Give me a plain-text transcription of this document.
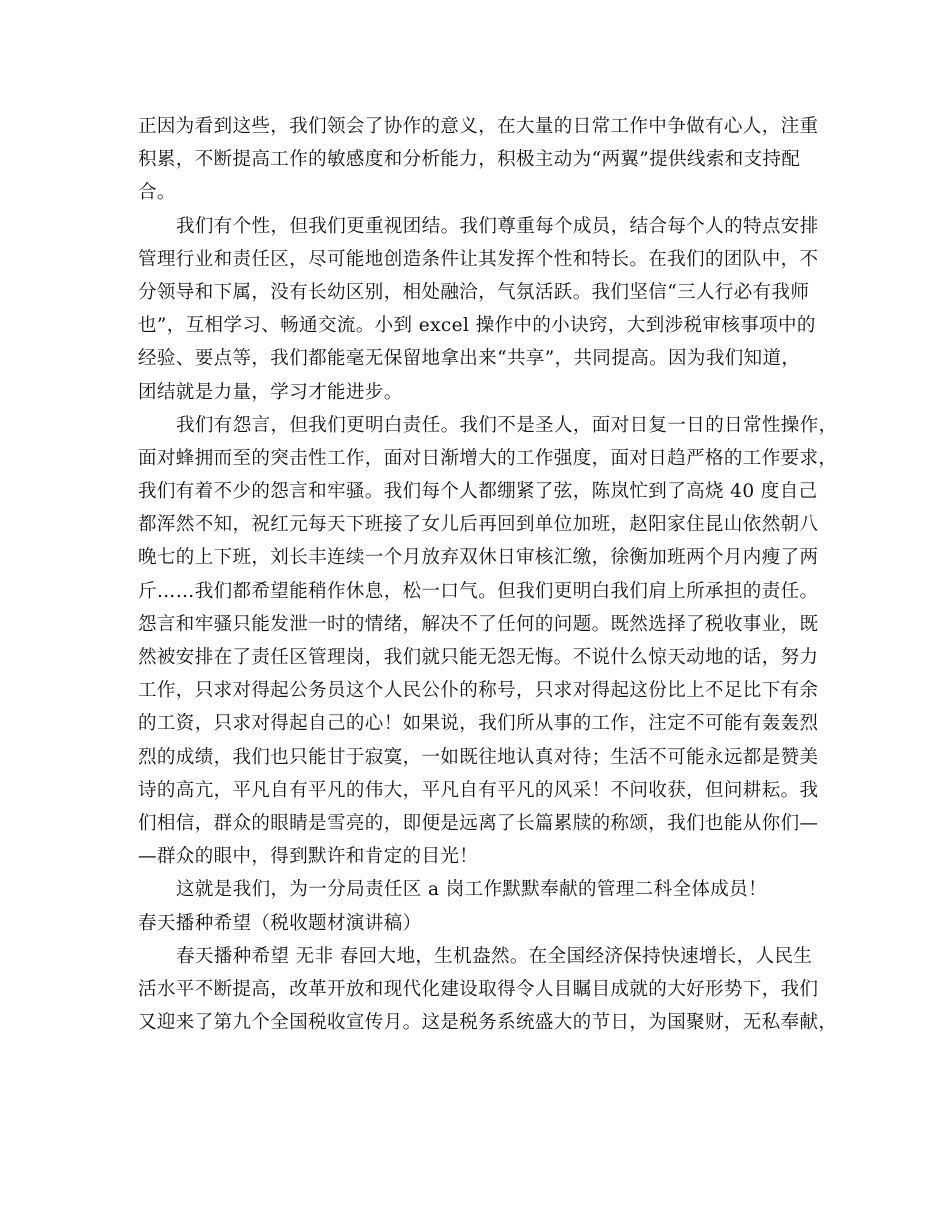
正因为看到这些，我们领会了协作的意义，在大量的日常工作中争做有心人，注重
积累，不断提高工作的敏感度和分析能力，积极主动为“两翼”提供线索和支持配
合。
我们有个性，但我们更重视团结。我们尊重每个成员，结合每个人的特点安排
管理行业和责任区，尽可能地创造条件让其发挥个性和特长。在我们的团队中，不
分领导和下属，没有长幼区别，相处融洽，气氛活跃。我们坚信“三人行必有我师
也”，互相学习、畅通交流。小到 excel 操作中的小诀窍，大到涉税审核事项中的
经验、要点等，我们都能毫无保留地拿出来“共享”，共同提高。因为我们知道，
团结就是力量，学习才能进步。
我们有怨言，但我们更明白责任。我们不是圣人，面对日复一日的日常性操作，
面对蜂拥而至的突击性工作，面对日渐增大的工作强度，面对日趋严格的工作要求，
我们有着不少的怨言和牢骚。我们每个人都绷紧了弦，陈岚忙到了高烧 40 度自己
都浑然不知，祝红元每天下班接了女儿后再回到单位加班，赵阳家住昆山依然朝八
晚七的上下班，刘长丰连续一个月放弃双休日审核汇缴，徐衡加班两个月内瘦了两
斤……我们都希望能稍作休息，松一口气。但我们更明白我们肩上所承担的责任。
怨言和牢骚只能发泄一时的情绪，解决不了任何的问题。既然选择了税收事业，既
然被安排在了责任区管理岗，我们就只能无怨无悔。不说什么惊天动地的话，努力
工作，只求对得起公务员这个人民公仆的称号，只求对得起这份比上不足比下有余
的工资，只求对得起自己的心！如果说，我们所从事的工作，注定不可能有轰轰烈
烈的成绩，我们也只能甘于寂寞，一如既往地认真对待；生活不可能永远都是赞美
诗的高亢，平凡自有平凡的伟大，平凡自有平凡的风采！不问收获，但问耕耘。我
们相信，群众的眼睛是雪亮的，即便是远离了长篇累牍的称颂，我们也能从你们—
—群众的眼中，得到默许和肯定的目光！
这就是我们，为一分局责任区 a 岗工作默默奉献的管理二科全体成员！
春天播种希望（税收题材演讲稿）
春天播种希望 无非 春回大地，生机盎然。在全国经济保持快速增长，人民生
活水平不断提高，改革开放和现代化建设取得令人目瞩目成就的大好形势下，我们
又迎来了第九个全国税收宣传月。这是税务系统盛大的节日，为国聚财，无私奉献，
